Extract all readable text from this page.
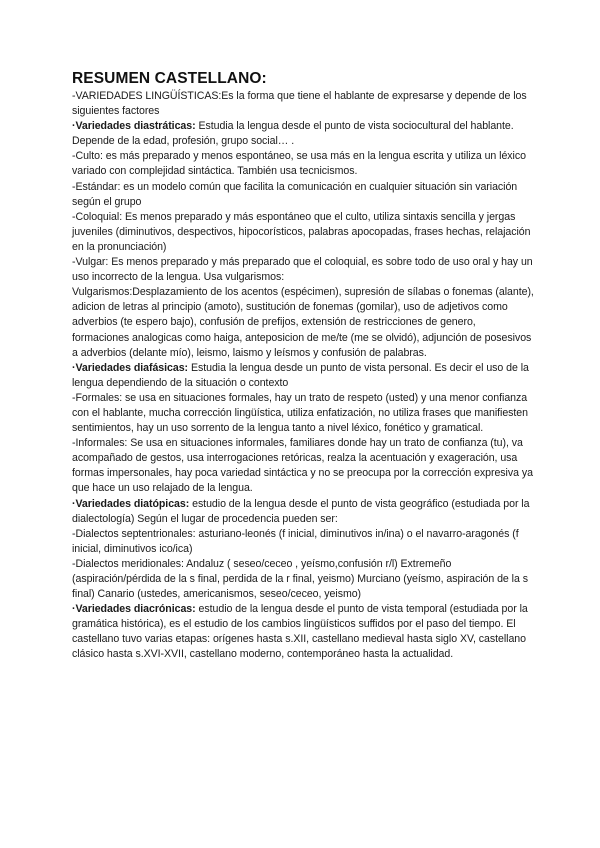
RESUMEN CASTELLANO:

-VARIEDADES LINGÜÍSTICAS:Es la forma que tiene el hablante de expresarse y depende de los siguientes factores

·Variedades diastráticas: Estudia la lengua desde el punto de vista sociocultural del hablante. Depende de la edad, profesión, grupo social… .

-Culto: es más preparado y menos espontáneo, se usa más en la lengua escrita y utiliza un léxico variado con complejidad sintáctica. También usa tecnicismos.

-Estándar: es un modelo común que facilita la comunicación en cualquier situación sin variación según el grupo

-Coloquial: Es menos preparado y más espontáneo que el culto, utiliza sintaxis sencilla y jergas juveniles (diminutivos, despectivos, hipocorísticos, palabras apocopadas, frases hechas, relajación en la pronunciación)

-Vulgar: Es menos preparado y más preparado que el coloquial, es sobre todo de uso oral y hay un uso incorrecto de la lengua. Usa vulgarismos:

Vulgarismos:Desplazamiento de los acentos (espécimen), supresión de sílabas o fonemas (alante), adicion de letras al principio (amoto), sustitución de fonemas (gomilar), uso de adjetivos como adverbios (te espero bajo), confusión de prefijos, extensión de restricciones de genero, formaciones analogicas como haiga, anteposicion de me/te (me se olvidó), adjunción de posesivos a adverbios (delante mío), leismo, laismo y leísmos y confusión de palabras.

·Variedades diafásicas: Estudia la lengua desde un punto de vista personal. Es decir el uso de la lengua dependiendo de la situación o contexto

-Formales: se usa en situaciones formales, hay un trato de respeto (usted) y una menor confianza con el hablante, mucha corrección lingüística, utiliza enfatización, no utiliza frases que manifiesten sentimientos, hay un uso sorrento de la lengua tanto a nivel léxico, fonético y gramatical.

-Informales: Se usa en situaciones informales, familiares donde hay un trato de confianza (tu), va acompañado de gestos, usa interrogaciones retóricas, realza la acentuación y exageración, usa formas impersonales, hay poca variedad sintáctica y no se preocupa por la corrección expresiva ya que hace un uso relajado de la lengua.

·Variedades diatópicas: estudio de la lengua desde el punto de vista geográfico (estudiada por la dialectología) Según el lugar de procedencia pueden ser:

-Dialectos septentrionales: asturiano-leonés (f inicial, diminutivos in/ina) o el navarro-aragonés (f inicial, diminutivos ico/ica)

-Dialectos meridionales: Andaluz ( seseo/ceceo , yeísmo,confusión r/l) Extremeño (aspiración/pérdida de la s final, perdida de la r final, yeismo) Murciano (yeísmo, aspiración de la s final) Canario (ustedes, americanismos, seseo/ceceo, yeismo)

·Variedades diacrónicas: estudio de la lengua desde el punto de vista temporal (estudiada por la gramática histórica), es el estudio de los cambios lingüísticos suffidos por el paso del tiempo. El castellano tuvo varias etapas: orígenes hasta s.XII, castellano medieval hasta siglo XV, castellano clásico hasta s.XVI-XVII, castellano moderno, contemporáneo hasta la actualidad.
